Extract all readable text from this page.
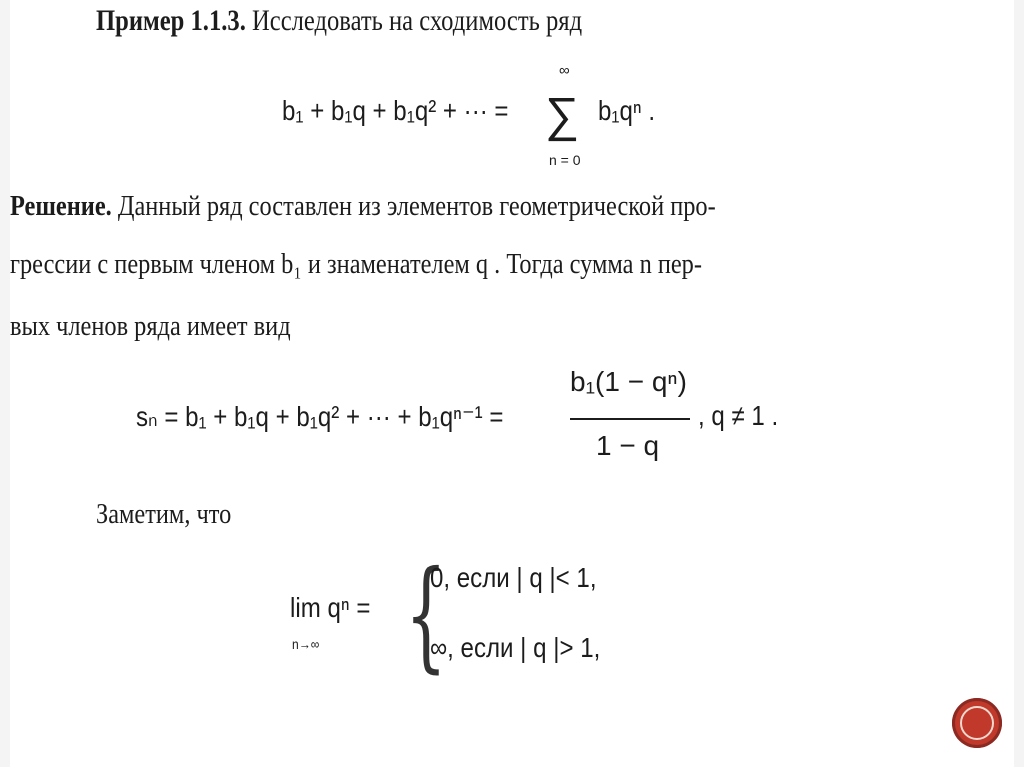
Пример 1.1.3. Исследовать на сходимость ряд
b₁ + b₁q + b₁q² + ··· =
∞
∑
n = 0
b₁qⁿ .
Решение. Данный ряд составлен из элементов геометрической про-
грессии с первым членом b₁ и знаменателем q . Тогда сумма n пер-
вых членов ряда имеет вид
sₙ = b₁ + b₁q + b₁q² + ··· + b₁qⁿ⁻¹ =
b₁(1 − qⁿ)
1 − q
, q ≠ 1 .
Заметим, что
lim qⁿ =
n→∞ {
0, если | q |< 1,
∞, если | q |> 1,
